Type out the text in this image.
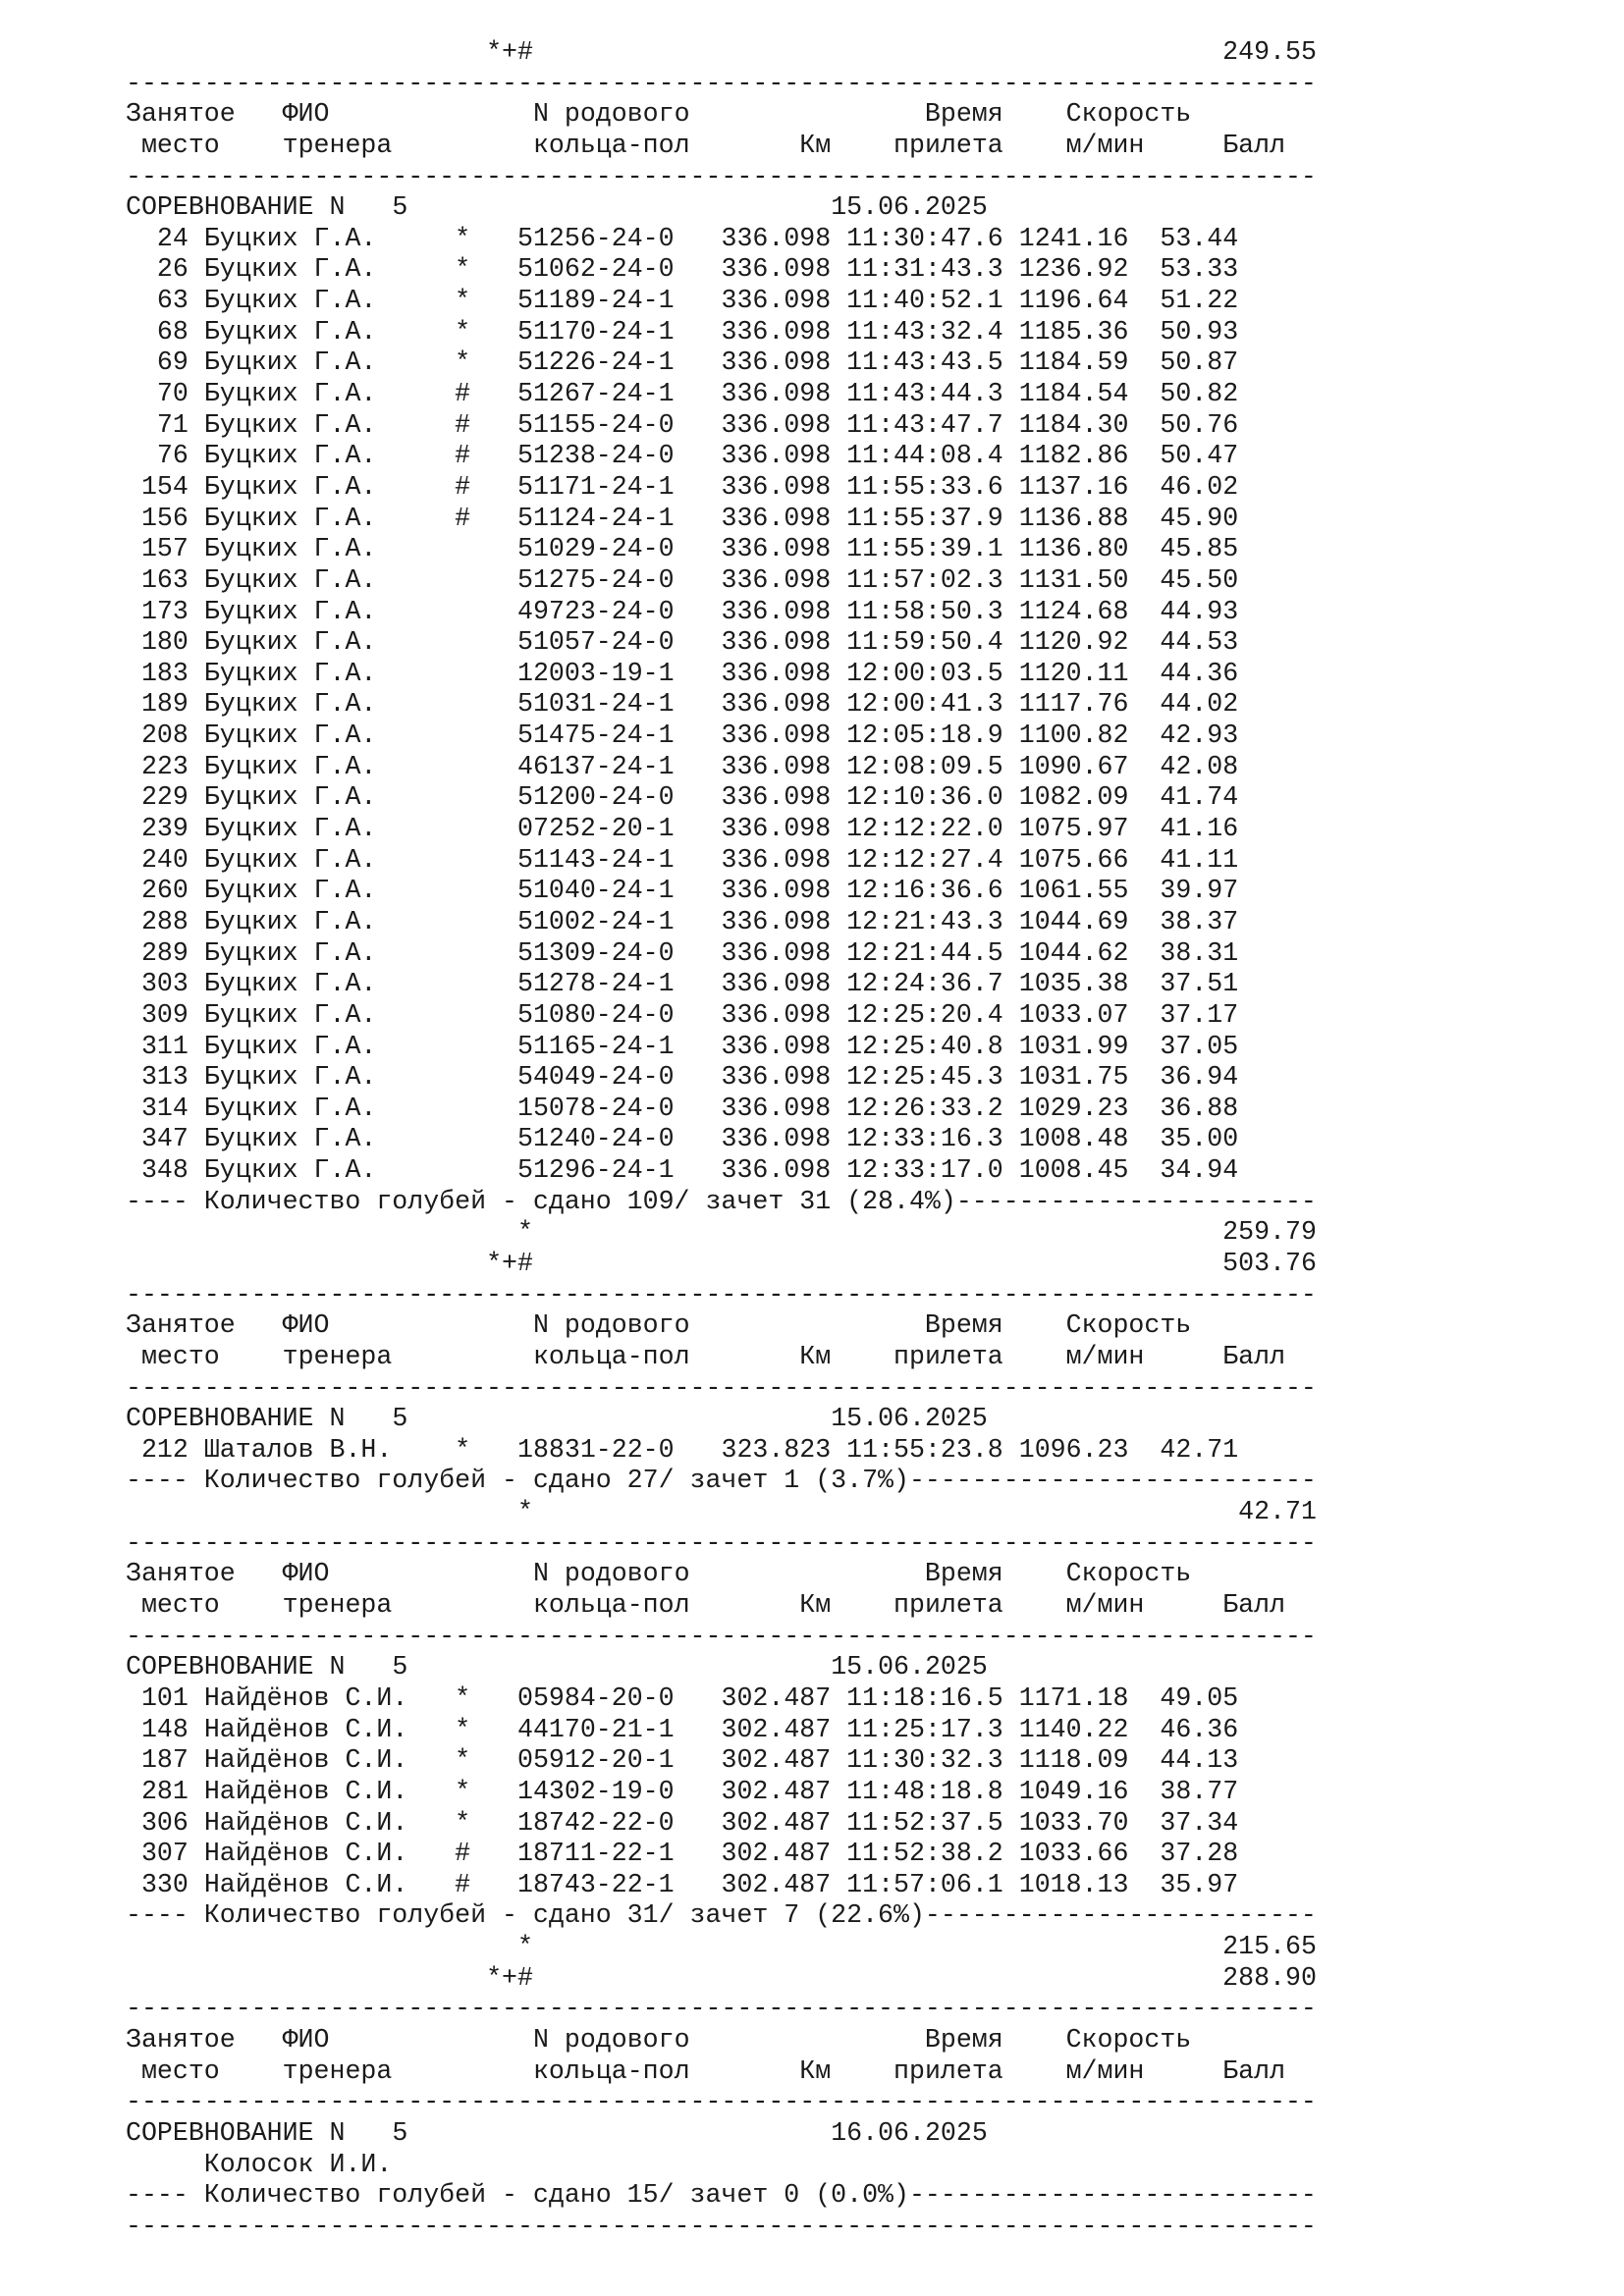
*+#	249.55
----------------------------------------------------------------------------
Занятое   ФИО             N родового               Время    Скорость
место    тренера         кольца-пол       Км    прилета    м/мин     Балл
----------------------------------------------------------------------------
СОРЕВНОВАНИЕ N 5	15.06.2025
24 Буцких Г.А.     *   51256-24-0 336.098 11:30:47.6 1241.16 53.44
26 Буцких Г.А.     *   51062-24-0 336.098 11:31:43.3 1236.92 53.33
63 Буцких Г.А.     *   51189-24-1 336.098 11:40:52.1 1196.64 51.22
68 Буцких Г.А.     *   51170-24-1 336.098 11:43:32.4 1185.36 50.93
69 Буцких Г.А.     *   51226-24-1 336.098 11:43:43.5 1184.59 50.87
70 Буцких Г.А.     #   51267-24-1 336.098 11:43:44.3 1184.54 50.82
71 Буцких Г.А.     #   51155-24-0 336.098 11:43:47.7 1184.30 50.76
76 Буцких Г.А.     #   51238-24-0 336.098 11:44:08.4 1182.86 50.47
154 Буцких Г.А.     #   51171-24-1 336.098 11:55:33.6 1137.16 46.02
156 Буцких Г.А.     #   51124-24-1 336.098 11:55:37.9 1136.88 45.90
157 Буцких Г.А.         51029-24-0 336.098 11:55:39.1 1136.80 45.85
163 Буцких Г.А.         51275-24-0 336.098 11:57:02.3 1131.50 45.50
173 Буцких Г.А.         49723-24-0 336.098 11:58:50.3 1124.68 44.93
180 Буцких Г.А.         51057-24-0 336.098 11:59:50.4 1120.92 44.53
183 Буцких Г.А.         12003-19-1 336.098 12:00:03.5 1120.11 44.36
189 Буцких Г.А.         51031-24-1 336.098 12:00:41.3 1117.76 44.02
208 Буцких Г.А.         51475-24-1 336.098 12:05:18.9 1100.82 42.93
223 Буцких Г.А.         46137-24-1 336.098 12:08:09.5 1090.67 42.08
229 Буцких Г.А.         51200-24-0 336.098 12:10:36.0 1082.09 41.74
239 Буцких Г.А.         07252-20-1 336.098 12:12:22.0 1075.97 41.16
240 Буцких Г.А.         51143-24-1 336.098 12:12:27.4 1075.66 41.11
260 Буцких Г.А.         51040-24-1 336.098 12:16:36.6 1061.55 39.97
288 Буцких Г.А.         51002-24-1 336.098 12:21:43.3 1044.69 38.37
289 Буцких Г.А.         51309-24-0 336.098 12:21:44.5 1044.62 38.31
303 Буцких Г.А.         51278-24-1 336.098 12:24:36.7 1035.38 37.51
309 Буцких Г.А.         51080-24-0 336.098 12:25:20.4 1033.07 37.17
311 Буцких Г.А.         51165-24-1 336.098 12:25:40.8 1031.99 37.05
313 Буцких Г.А.         54049-24-0 336.098 12:25:45.3 1031.75 36.94
314 Буцких Г.А.         15078-24-0 336.098 12:26:33.2 1029.23 36.88
347 Буцких Г.А.         51240-24-0 336.098 12:33:16.3 1008.48 35.00
348 Буцких Г.А.         51296-24-1 336.098 12:33:17.0 1008.45 34.94
---- Количество голубей - сдано 109/ зачет 31 (28.4%)-----------------------
*	259.79
*+#	503.76
----------------------------------------------------------------------------
Занятое   ФИО             N родового               Время    Скорость
место    тренера         кольца-пол       Км    прилета    м/мин     Балл
----------------------------------------------------------------------------
СОРЕВНОВАНИЕ N 5	15.06.2025
212 Шаталов В.Н.    *   18831-22-0 323.823 11:55:23.8 1096.23 42.71
---- Количество голубей - сдано 27/ зачет 1 (3.7%)--------------------------
*	42.71
----------------------------------------------------------------------------
Занятое   ФИО             N родового               Время    Скорость
место    тренера         кольца-пол       Км    прилета    м/мин     Балл
----------------------------------------------------------------------------
СОРЕВНОВАНИЕ N 5	15.06.2025
101 Найдёнов С.И.   *   05984-20-0 302.487 11:18:16.5 1171.18 49.05
148 Найдёнов С.И.   *   44170-21-1 302.487 11:25:17.3 1140.22 46.36
187 Найдёнов С.И.   *   05912-20-1 302.487 11:30:32.3 1118.09 44.13
281 Найдёнов С.И.   *   14302-19-0 302.487 11:48:18.8 1049.16 38.77
306 Найдёнов С.И.   *   18742-22-0 302.487 11:52:37.5 1033.70 37.34
307 Найдёнов С.И.   #   18711-22-1 302.487 11:52:38.2 1033.66 37.28
330 Найдёнов С.И.   #   18743-22-1 302.487 11:57:06.1 1018.13 35.97
---- Количество голубей - сдано 31/ зачет 7 (22.6%)-------------------------
*	215.65
*+#	288.90
----------------------------------------------------------------------------
Занятое   ФИО             N родового               Время    Скорость
место    тренера         кольца-пол       Км    прилета    м/мин     Балл
----------------------------------------------------------------------------
СОРЕВНОВАНИЕ N 5	16.06.2025
Колосок И.И.
---- Количество голубей - сдано 15/ зачет 0 (0.0%)--------------------------
----------------------------------------------------------------------------
